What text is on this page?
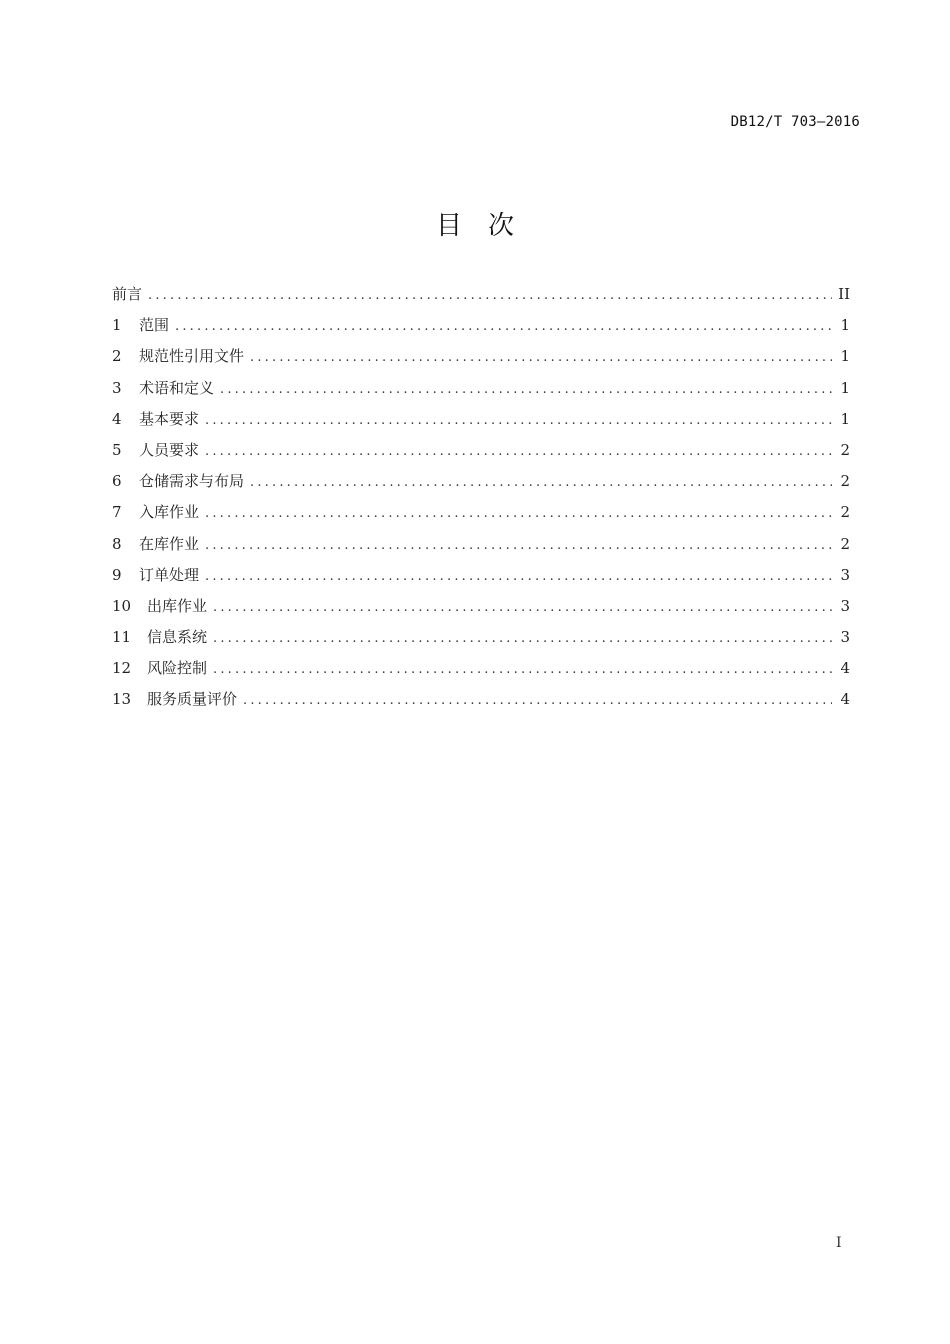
DB12/T 703—2016
目次
前言 .....	II
1	范围 .....	1
2	规范性引用文件 .....	1
3	术语和定义 .....	1
4	基本要求 .....	1
5	人员要求 .....	2
6	仓储需求与布局 .....	2
7	入库作业 .....	2
8	在库作业 .....	2
9	订单处理 .....	3
10	出库作业 .....	3
11	信息系统 .....	3
12	风险控制 .....	4
13	服务质量评价 .....	4
I
